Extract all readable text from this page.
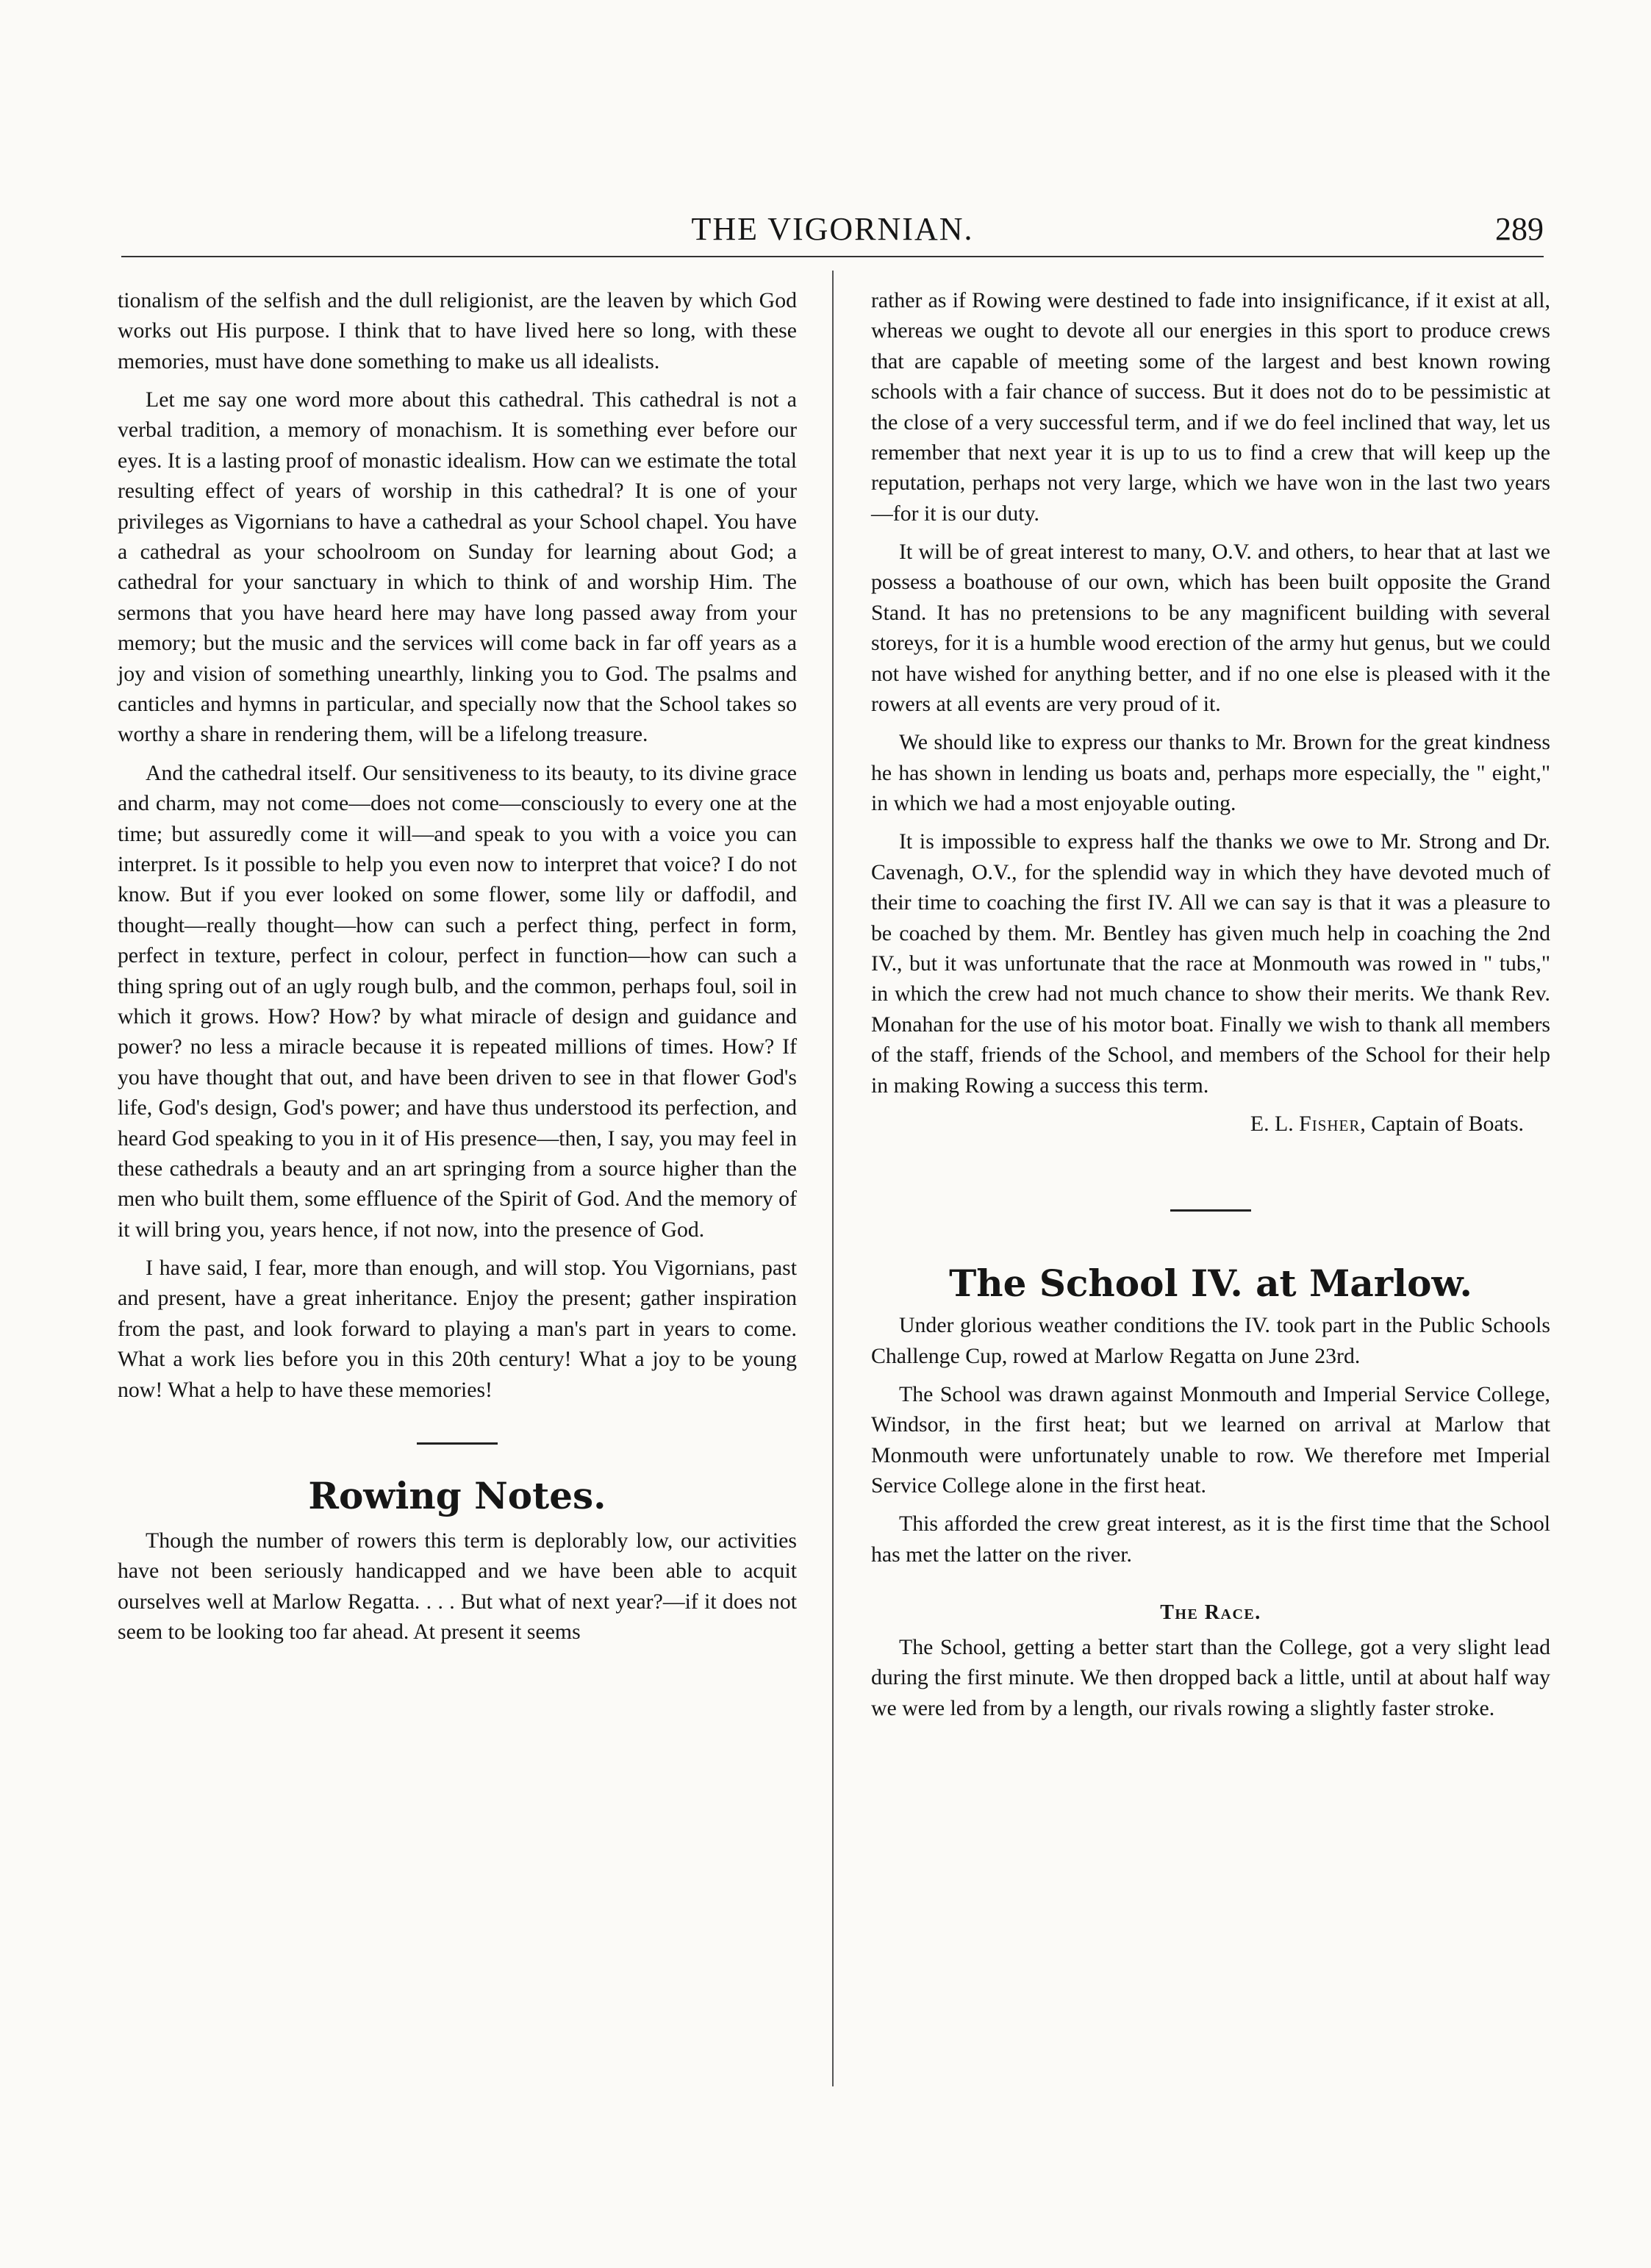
THE VIGORNIAN.	289

tionalism of the selfish and the dull religionist, are the leaven by which God works out His purpose. I think that to have lived here so long, with these memories, must have done something to make us all idealists.

Let me say one word more about this cathedral. This cathedral is not a verbal tradition, a memory of monachism. It is something ever before our eyes. It is a lasting proof of monastic idealism. How can we estimate the total resulting effect of years of worship in this cathedral? It is one of your privileges as Vigornians to have a cathedral as your School chapel. You have a cathedral as your schoolroom on Sunday for learning about God; a cathedral for your sanctuary in which to think of and worship Him. The sermons that you have heard here may have long passed away from your memory; but the music and the services will come back in far off years as a joy and vision of something unearthly, linking you to God. The psalms and canticles and hymns in particular, and specially now that the School takes so worthy a share in rendering them, will be a lifelong treasure.

And the cathedral itself. Our sensitiveness to its beauty, to its divine grace and charm, may not come—does not come—consciously to every one at the time; but assuredly come it will—and speak to you with a voice you can interpret. Is it possible to help you even now to interpret that voice? I do not know. But if you ever looked on some flower, some lily or daffodil, and thought—really thought—how can such a perfect thing, perfect in form, perfect in texture, perfect in colour, perfect in function—how can such a thing spring out of an ugly rough bulb, and the common, perhaps foul, soil in which it grows. How? How? by what miracle of design and guidance and power? no less a miracle because it is repeated millions of times. How? If you have thought that out, and have been driven to see in that flower God's life, God's design, God's power; and have thus understood its perfection, and heard God speaking to you in it of His presence—then, I say, you may feel in these cathedrals a beauty and an art springing from a source higher than the men who built them, some effluence of the Spirit of God. And the memory of it will bring you, years hence, if not now, into the presence of God.

I have said, I fear, more than enough, and will stop. You Vigornians, past and present, have a great inheritance. Enjoy the present; gather inspiration from the past, and look forward to playing a man's part in years to come. What a work lies before you in this 20th century! What a joy to be young now! What a help to have these memories!

Rowing Notes.

Though the number of rowers this term is deplorably low, our activities have not been seriously handicapped and we have been able to acquit ourselves well at Marlow Regatta. . . . But what of next year?—if it does not seem to be looking too far ahead. At present it seems

rather as if Rowing were destined to fade into insignificance, if it exist at all, whereas we ought to devote all our energies in this sport to produce crews that are capable of meeting some of the largest and best known rowing schools with a fair chance of success. But it does not do to be pessimistic at the close of a very successful term, and if we do feel inclined that way, let us remember that next year it is up to us to find a crew that will keep up the reputation, perhaps not very large, which we have won in the last two years—for it is our duty.

It will be of great interest to many, O.V. and others, to hear that at last we possess a boathouse of our own, which has been built opposite the Grand Stand. It has no pretensions to be any magnificent building with several storeys, for it is a humble wood erection of the army hut genus, but we could not have wished for anything better, and if no one else is pleased with it the rowers at all events are very proud of it.

We should like to express our thanks to Mr. Brown for the great kindness he has shown in lending us boats and, perhaps more especially, the " eight," in which we had a most enjoyable outing.

It is impossible to express half the thanks we owe to Mr. Strong and Dr. Cavenagh, O.V., for the splendid way in which they have devoted much of their time to coaching the first IV. All we can say is that it was a pleasure to be coached by them. Mr. Bentley has given much help in coaching the 2nd IV., but it was unfortunate that the race at Monmouth was rowed in " tubs," in which the crew had not much chance to show their merits. We thank Rev. Monahan for the use of his motor boat. Finally we wish to thank all members of the staff, friends of the School, and members of the School for their help in making Rowing a success this term.

E. L. Fisher, Captain of Boats.
The School IV. at Marlow.

Under glorious weather conditions the IV. took part in the Public Schools Challenge Cup, rowed at Marlow Regatta on June 23rd.

The School was drawn against Monmouth and Imperial Service College, Windsor, in the first heat; but we learned on arrival at Marlow that Monmouth were unfortunately unable to row. We therefore met Imperial Service College alone in the first heat.

This afforded the crew great interest, as it is the first time that the School has met the latter on the river.

The Race.

The School, getting a better start than the College, got a very slight lead during the first minute. We then dropped back a little, until at about half way we were led from by a length, our rivals rowing a slightly faster stroke.
